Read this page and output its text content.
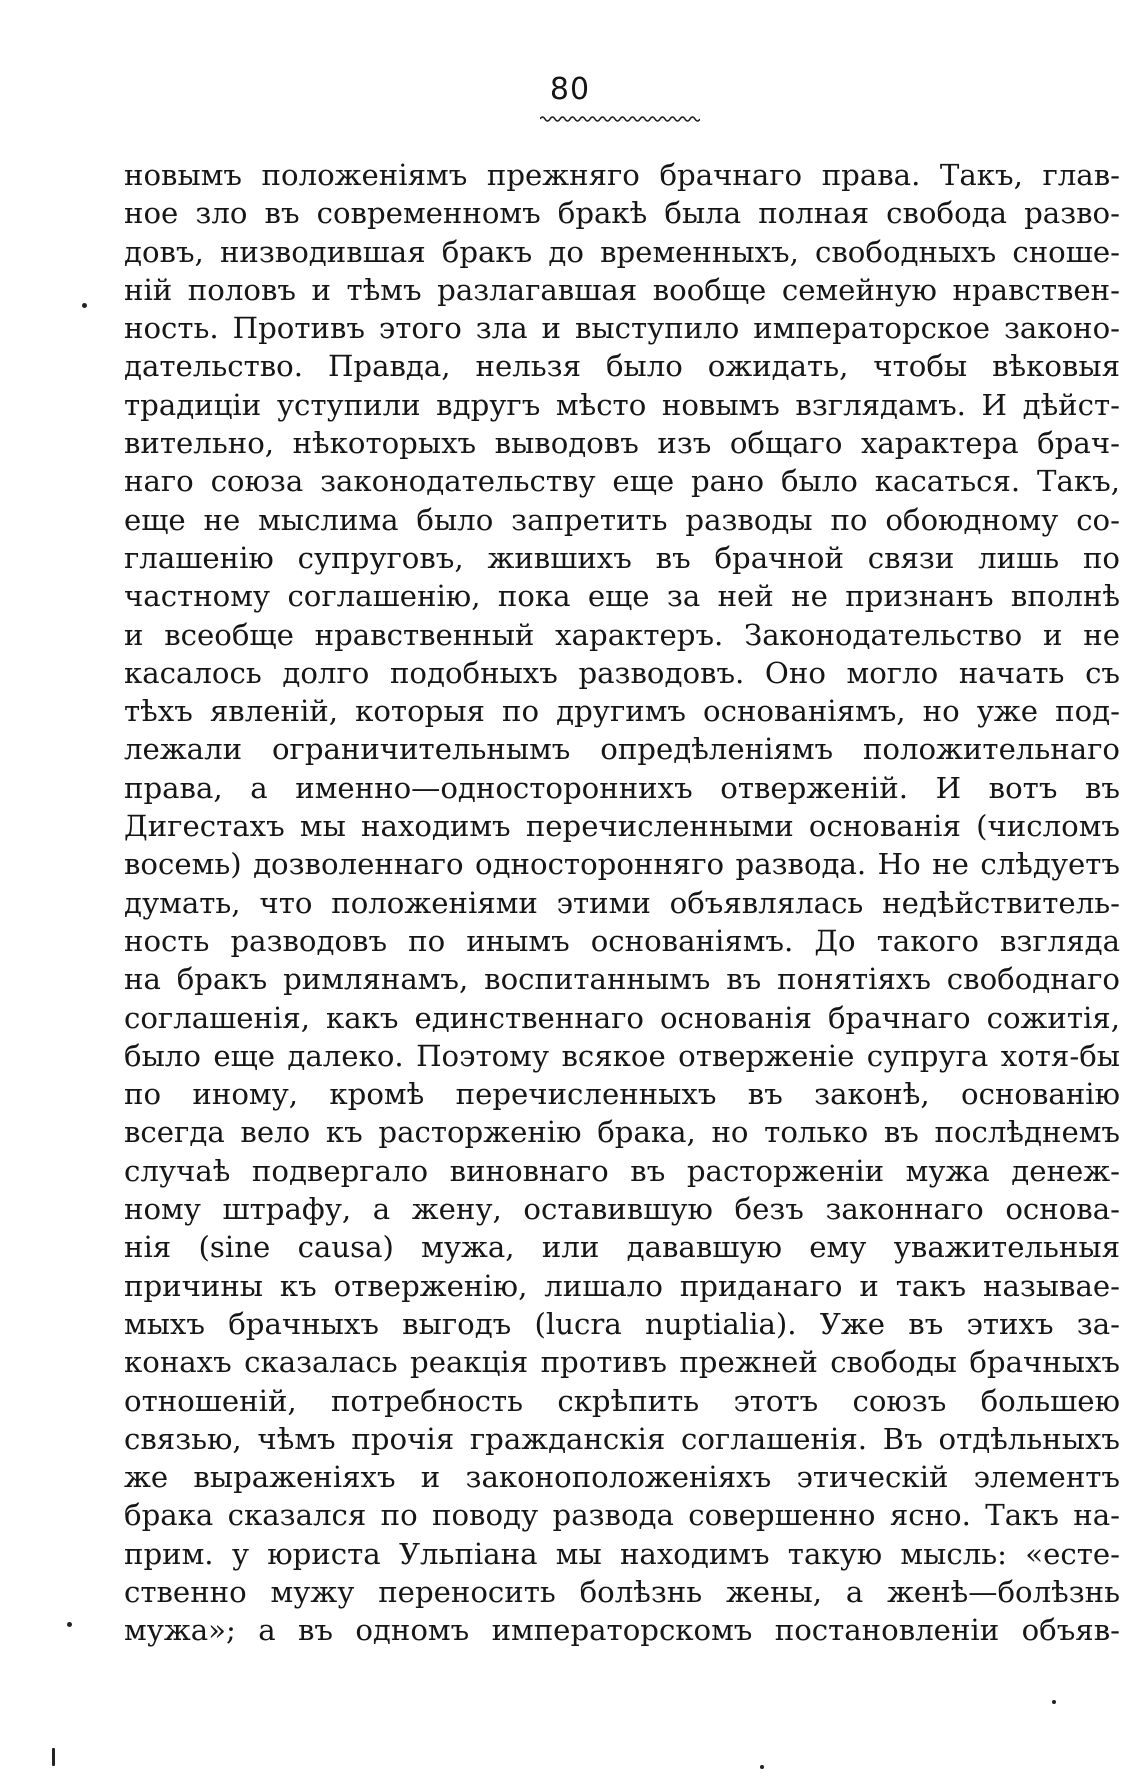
80
новымъ положеніямъ прежняго брачнаго права. Такъ, глав-
ное зло въ современномъ бракѣ была полная свобода разво-
довъ, низводившая бракъ до временныхъ, свободныхъ сноше-
ній половъ и тѣмъ разлагавшая вообще семейную нравствен-
ность. Противъ этого зла и выступило императорское законо-
дательство. Правда, нельзя было ожидать, чтобы вѣковыя
традиціи уступили вдругъ мѣсто новымъ взглядамъ. И дѣйст-
вительно, нѣкоторыхъ выводовъ изъ общаго характера брач-
наго союза законодательству еще рано было касаться. Такъ,
еще не мыслима было запретить разводы по обоюдному со-
глашенію супруговъ, жившихъ въ брачной связи лишь по
частному соглашенію, пока еще за ней не признанъ вполнѣ
и всеобще нравственный характеръ. Законодательство и не
касалось долго подобныхъ разводовъ. Оно могло начать съ
тѣхъ явленій, которыя по другимъ основаніямъ, но уже под-
лежали ограничительнымъ опредѣленіямъ положительнаго
права, а именно—одностороннихъ отверженій. И вотъ въ
Дигестахъ мы находимъ перечисленными основанія (числомъ
восемь) дозволеннаго односторонняго развода. Но не слѣдуетъ
думать, что положеніями этими объявлялась недѣйствитель-
ность разводовъ по инымъ основаніямъ. До такого взгляда
на бракъ римлянамъ, воспитаннымъ въ понятіяхъ свободнаго
соглашенія, какъ единственнаго основанія брачнаго сожитія,
было еще далеко. Поэтому всякое отверженіе супруга хотя-бы
по иному, кромѣ перечисленныхъ въ законѣ, основанію
всегда вело къ расторженію брака, но только въ послѣднемъ
случаѣ подвергало виновнаго въ расторженіи мужа денеж-
ному штрафу, а жену, оставившую безъ законнаго основа-
нія (sine causa) мужа, или дававшую ему уважительныя
причины къ отверженію, лишало приданаго и такъ называе-
мыхъ брачныхъ выгодъ (lucra nuptialia). Уже въ этихъ за-
конахъ сказалась реакція противъ прежней свободы брачныхъ
отношеній, потребность скрѣпить этотъ союзъ большею
связью, чѣмъ прочія гражданскія соглашенія. Въ отдѣльныхъ
же выраженіяхъ и законоположеніяхъ этическій элементъ
брака сказался по поводу развода совершенно ясно. Такъ на-
прим. у юриста Ульпіана мы находимъ такую мысль: «есте-
ственно мужу переносить болѣзнь жены, а женѣ—болѣзнь
мужа»; а въ одномъ императорскомъ постановленіи объяв-
